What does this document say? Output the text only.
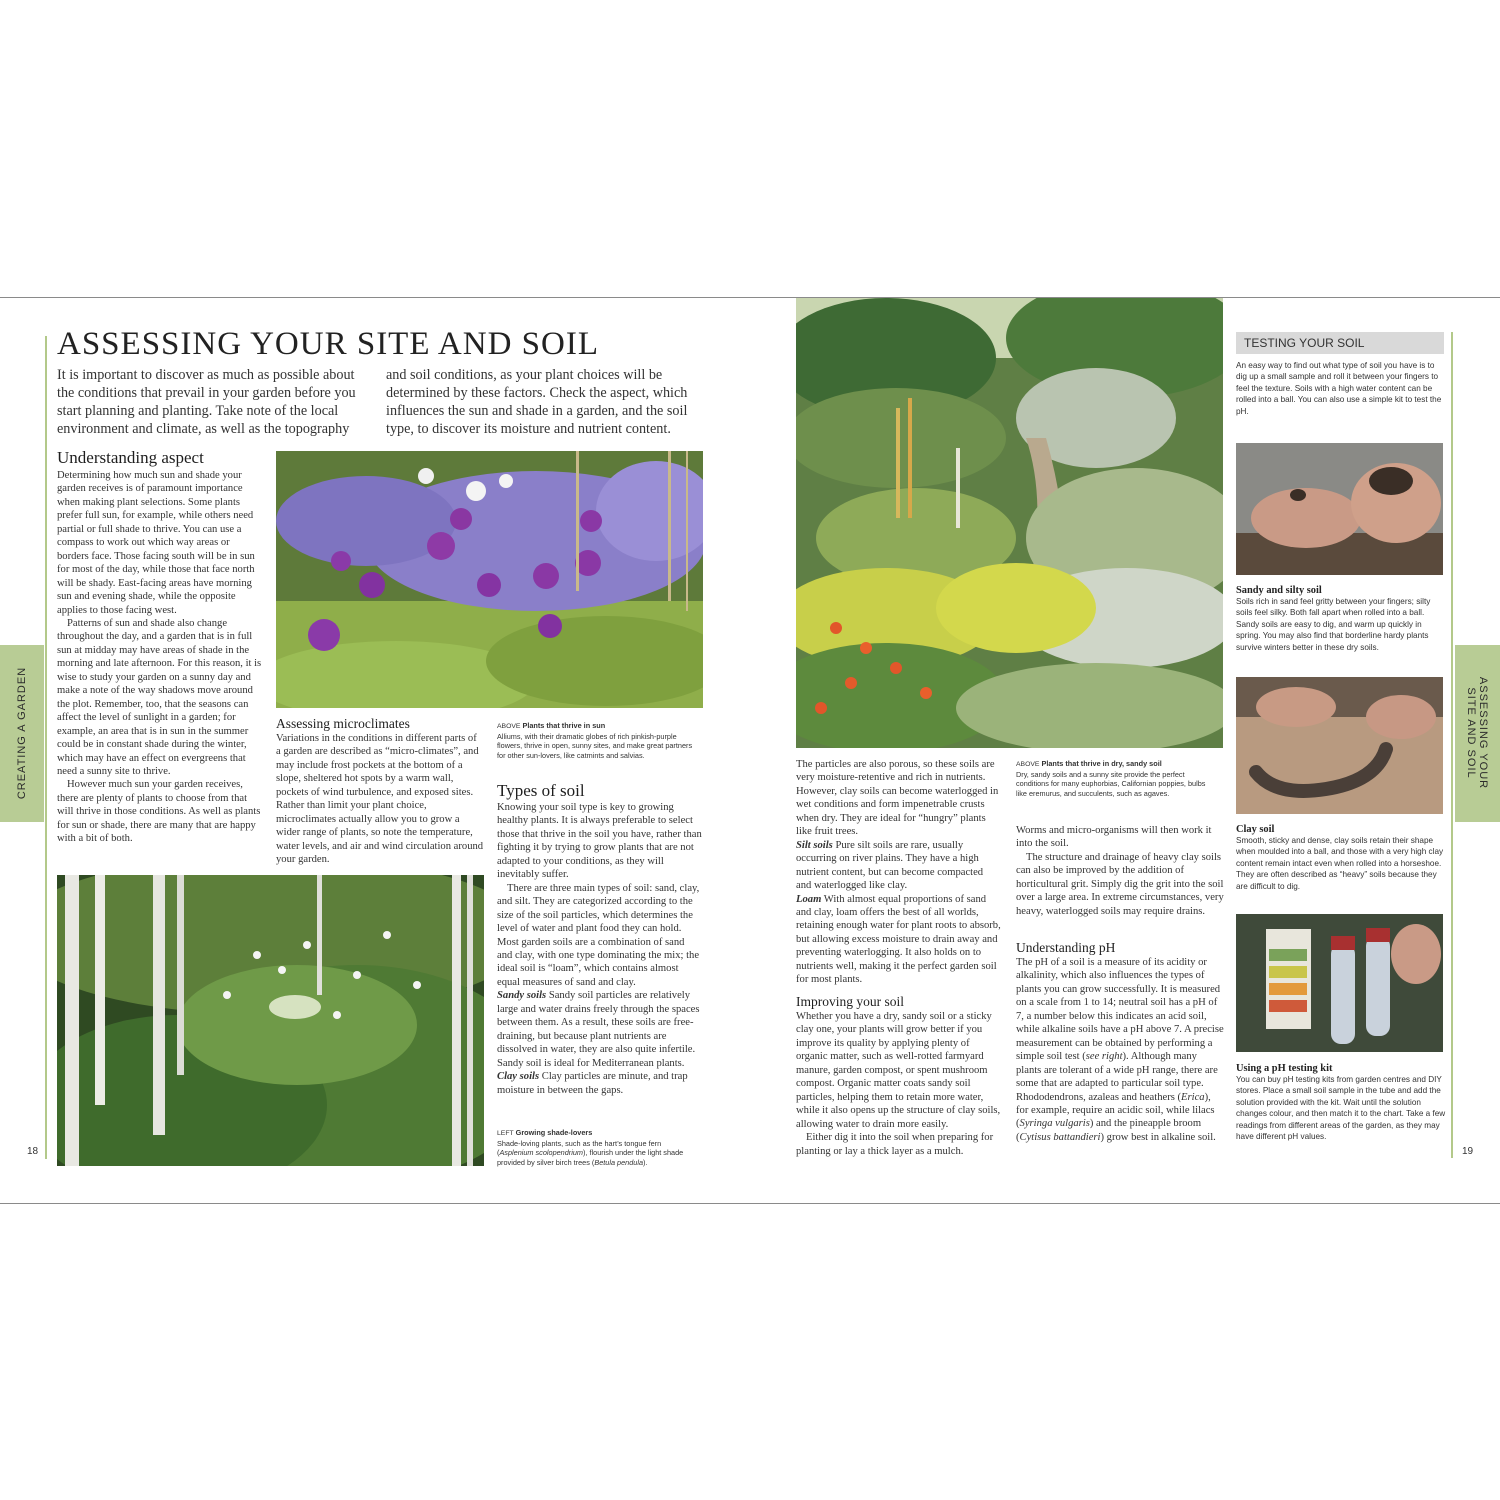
ASSESSING YOUR SITE AND SOIL
It is important to discover as much as possible about the conditions that prevail in your garden before you start planning and planting. Take note of the local environment and climate, as well as the topography
and soil conditions, as your plant choices will be determined by these factors. Check the aspect, which influences the sun and shade in a garden, and the soil type, to discover its moisture and nutrient content.
Understanding aspect

Determining how much sun and shade your garden receives is of paramount importance when making plant selections. Some plants prefer full sun, for example, while others need partial or full shade to thrive. You can use a compass to work out which way areas or borders face. Those facing south will be in sun for most of the day, while those that face north will be shady. East-facing areas have morning sun and evening shade, while the opposite applies to those facing west.

Patterns of sun and shade also change throughout the day, and a garden that is in full sun at midday may have areas of shade in the morning and late afternoon. For this reason, it is wise to study your garden on a sunny day and make a note of the way shadows move around the plot. Remember, too, that the seasons can affect the level of sunlight in a garden; for example, an area that is in sun in the summer could be in constant shade during the winter, which may have an effect on evergreens that need a sunny site to thrive.

However much sun your garden receives, there are plenty of plants to choose from that will thrive in those conditions. As well as plants for sun or shade, there are many that are happy with a bit of both.

Assessing microclimates
Variations in the conditions in different parts of a garden are described as “micro-climates”, and may include frost pockets at the bottom of a slope, sheltered hot spots by a warm wall, pockets of wind turbulence, and exposed sites. Rather than limit your plant choice, microclimates actually allow you to grow a wider range of plants, so note the temperature, water levels, and air and wind circulation around your garden.
ABOVE Plants that thrive in sun
Alliums, with their dramatic globes of rich pinkish-purple flowers, thrive in open, sunny sites, and make great partners for other sun-lovers, like catmints and salvias.
Types of soil

Knowing your soil type is key to growing healthy plants. It is always preferable to select those that thrive in the soil you have, rather than fighting it by trying to grow plants that are not adapted to your conditions, as they will inevitably suffer.

There are three main types of soil: sand, clay, and silt. They are categorized according to the size of the soil particles, which determines the level of water and plant food they can hold. Most garden soils are a combination of sand and clay, with one type dominating the mix; the ideal soil is “loam”, which contains almost equal measures of sand and clay.

Sandy soils Sandy soil particles are relatively large and water drains freely through the spaces between them. As a result, these soils are free-draining, but because plant nutrients are dissolved in water, they are also quite infertile. Sandy soil is ideal for Mediterranean plants.

Clay soils Clay particles are minute, and trap moisture in between the gaps.

LEFT Growing shade-lovers
Shade-loving plants, such as the hart’s tongue fern (Asplenium scolopendrium), flourish under the light shade provided by silver birch trees (Betula pendula).
18
CREATING A GARDEN	The particles are also porous, so these soils are very moisture-retentive and rich in nutrients. However, clay soils can become waterlogged in wet conditions and form impenetrable crusts when dry. They are ideal for “hungry” plants like fruit trees.

Silt soils Pure silt soils are rare, usually occurring on river plains. They have a high nutrient content, but can become compacted and waterlogged like clay.

Loam With almost equal proportions of sand and clay, loam offers the best of all worlds, retaining enough water for plant roots to absorb, but allowing excess moisture to drain away and preventing waterlogging. It also holds on to nutrients well, making it the perfect garden soil for most plants.

Improving your soil

Whether you have a dry, sandy soil or a sticky clay one, your plants will grow better if you improve its quality by applying plenty of organic matter, such as well-rotted farmyard manure, garden compost, or spent mushroom compost. Organic matter coats sandy soil particles, helping them to retain more water, while it also opens up the structure of clay soils, allowing water to drain more easily.

Either dig it into the soil when preparing for planting or lay a thick layer as a mulch.

ABOVE Plants that thrive in dry, sandy soil
Dry, sandy soils and a sunny site provide the perfect conditions for many euphorbias, Californian poppies, bulbs like eremurus, and succulents, such as agaves.

Worms and micro-organisms will then work it into the soil.

The structure and drainage of heavy clay soils can also be improved by the addition of horticultural grit. Simply dig the grit into the soil over a large area. In extreme circumstances, very heavy, waterlogged soils may require drains.

Understanding pH
The pH of a soil is a measure of its acidity or alkalinity, which also influences the types of plants you can grow successfully. It is measured on a scale from 1 to 14; neutral soil has a pH of 7, a number below this indicates an acid soil, while alkaline soils have a pH above 7. A precise measurement can be obtained by performing a simple soil test (see right). Although many plants are tolerant of a wide pH range, there are some that are adapted to particular soil type. Rhododendrons, azaleas and heathers (Erica), for example, require an acidic soil, while lilacs (Syringa vulgaris) and the pineapple broom (Cytisus battandieri) grow best in alkaline soil.
TESTING YOUR SOIL
An easy way to find out what type of soil you have is to dig up a small sample and roll it between your fingers to feel the texture. Soils with a high water content can be rolled into a ball. You can also use a simple kit to test the pH.
Sandy and silty soil
Soils rich in sand feel gritty between your fingers; silty soils feel silky. Both fall apart when rolled into a ball. Sandy soils are easy to dig, and warm up quickly in spring. You may also find that borderline hardy plants survive winters better in these dry soils.
Clay soil
Smooth, sticky and dense, clay soils retain their shape when moulded into a ball, and those with a very high clay content remain intact even when rolled into a horseshoe. They are often described as “heavy” soils because they are difficult to dig.
Using a pH testing kit
You can buy pH testing kits from garden centres and DIY stores. Place a small soil sample in the tube and add the solution provided with the kit. Wait until the solution changes colour, and then match it to the chart. Take a few readings from different areas of the garden, as they may have different pH values.
19
ASSESSING YOUR
SITE AND SOIL
